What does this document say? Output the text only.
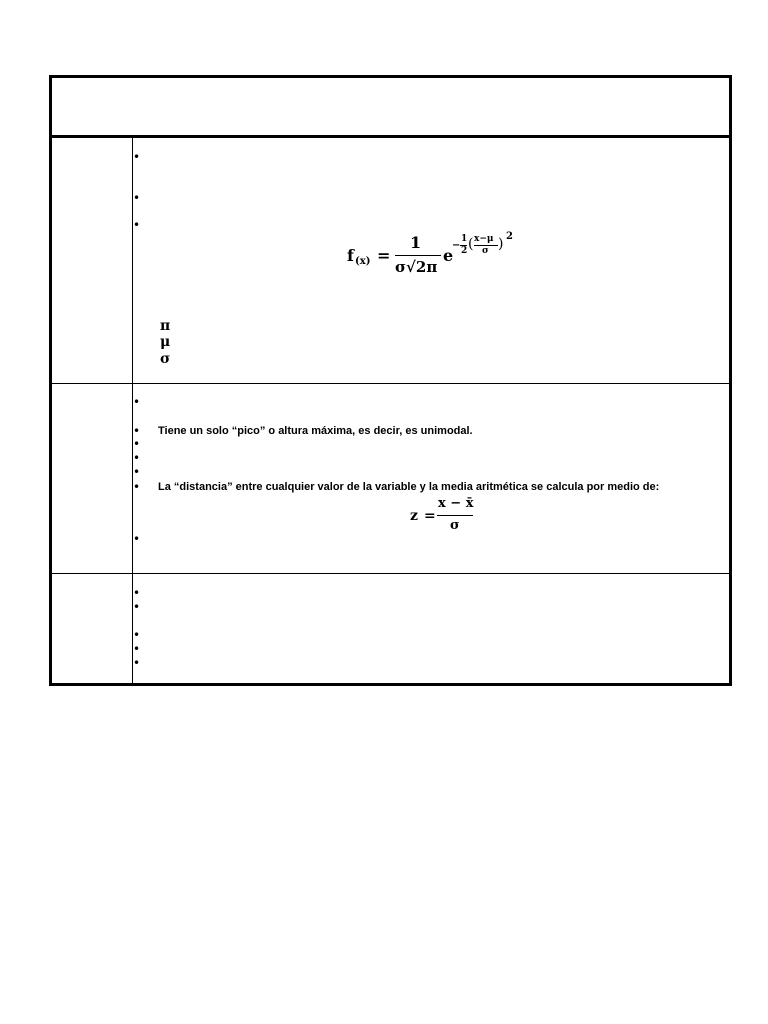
•
•
•
f (x) =
1
σ√2π
e
−
1
2 ( x−μ
σ ) 2
π
μ
σ
•
• Tiene un solo “pico” o altura máxima, es decir, es unimodal.
•
•
•
• La “distancia” entre cualquier valor de la variable y la media aritmética se calcula por medio de:
z =
x − x̄
σ
•
•
•
•
•
•
